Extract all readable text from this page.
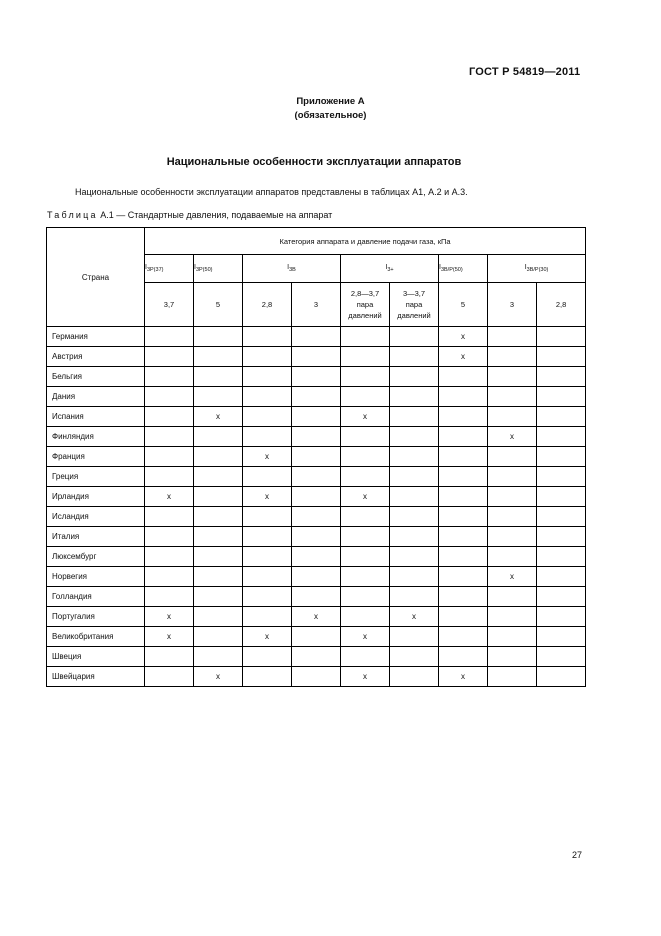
ГОСТ Р 54819—2011
Приложение А
(обязательное)
Национальные особенности эксплуатации аппаратов
Национальные особенности эксплуатации аппаратов представлены в таблицах А1, А.2 и А.3.
Таблица А.1 — Стандартные давления, подаваемые на аппарат
Страна	Категория аппарата и давление подачи газа, кПа								
	$I_{3P(37)}$	$I_{3P(50)}$	$I_{3B}$		$I_{3+}$		$I_{3B/P(50)}$	$I_{3B/P(30)}$
	3,7	5	2,8	3	2,8—3,7
пара
давлений	3—3,7
пара
давлений	5	3	2,8
Германия							x		
Австрия							x		
Бельгия									
Дания									
Испания		x			x				
Финляндия								x	
Франция			x						
Греция									
Ирландия	x		x		x				
Исландия									
Италия									
Люксембург									
Норвегия								x	
Голландия									
Португалия	x			x		x			
Великобритания	x		x		x				
Швеция									
Швейцария		x			x		x		
27
